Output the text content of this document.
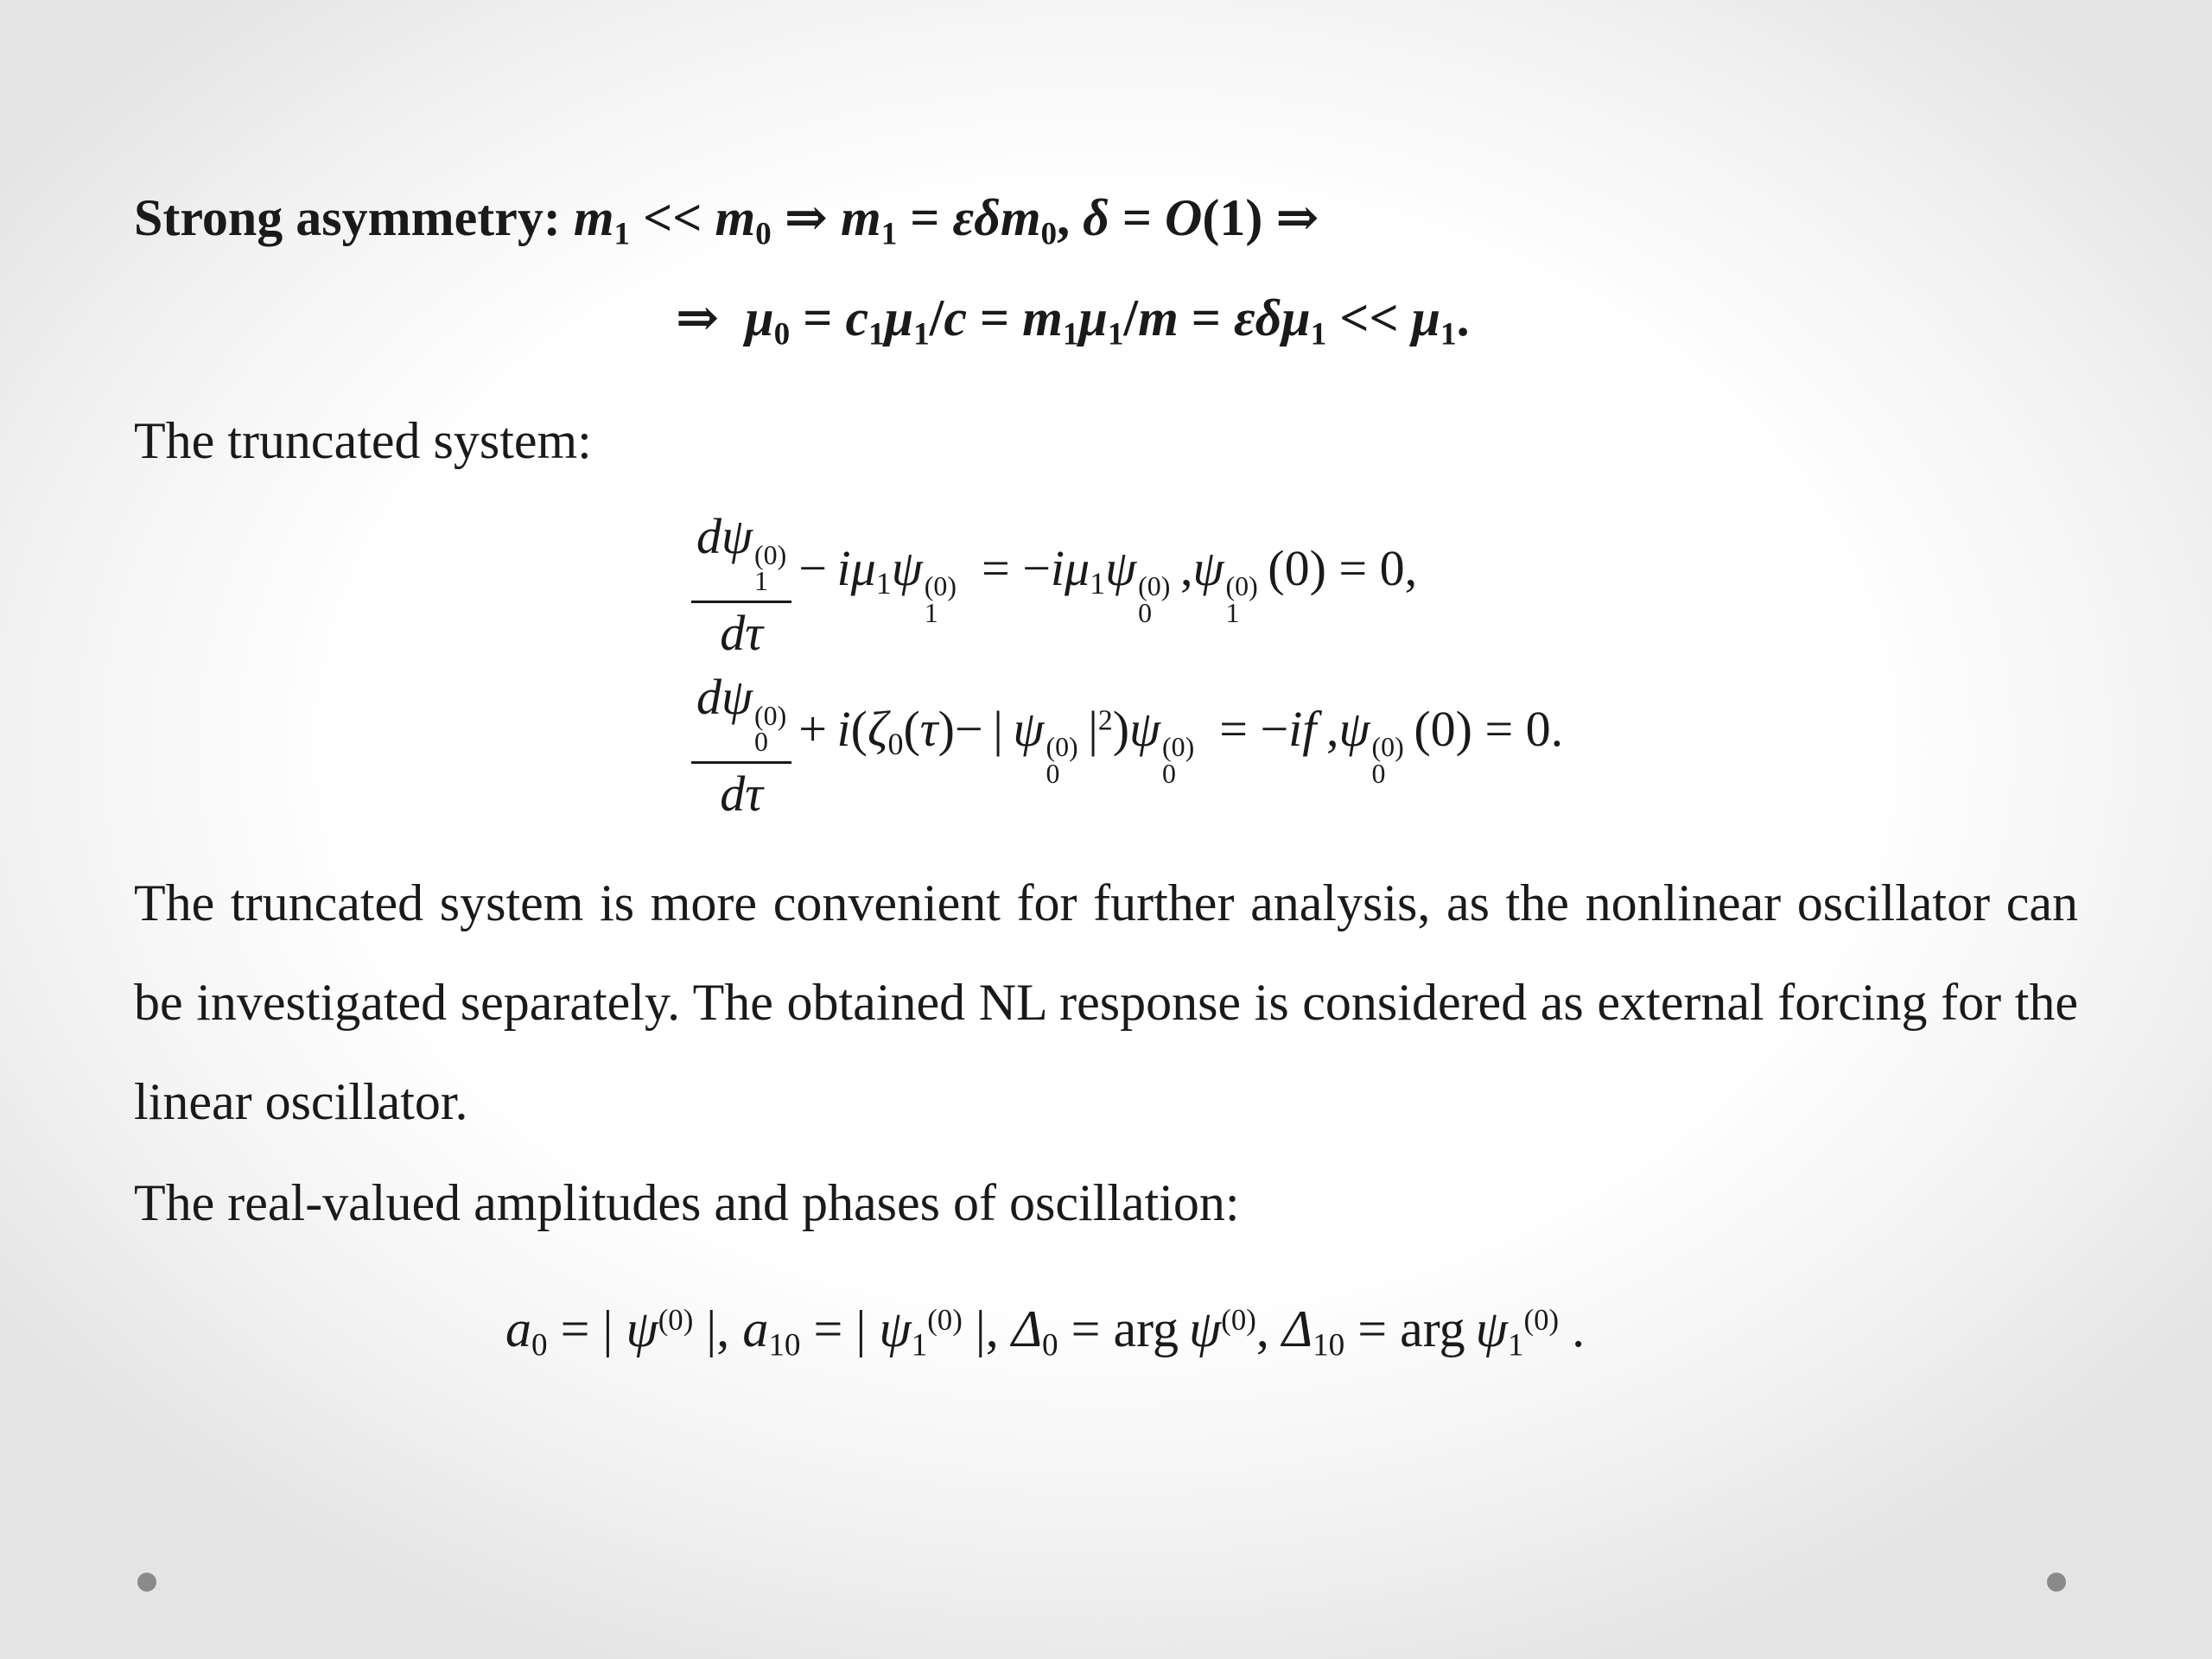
Strong asymmetry: $m_1 << m_0$ ⇒ $m_1 = \varepsilon\delta m_0$, δ = O(1) ⇒
⇒  $\mu_0 = c_1\mu_1/c = m_1\mu_1/m = \varepsilon\delta\mu_1 << \mu_1$.
The truncated system:
dψ (0)
1
$d\tau - i\mu_1\psi$ (0)
1
= $-i\mu_1\psi$ (0)
0
 ,ψ (0)
1
 (0) = 0,
dψ (0)
0
$d\tau + i(\zeta_0(\tau)-$ | ψ (0)
0
 $|^2)\psi$ (0)
0
= −if ,ψ (0)
0
 (0) = 0.
The truncated system is more convenient for further analysis, as the nonlinear oscillator can be investigated separately. The obtained NL response is considered as external forcing for the linear oscillator.
The real-valued amplitudes and phases of oscillation:
$a_0$ = | $\psi^{(0)}$ |, $a_{10}$ = | $\psi_1^{(0)}$ |, $\Delta_0$ = arg $\psi^{(0)}$, $\Delta_{10}$ = arg $\psi_1^{(0)}$ .
